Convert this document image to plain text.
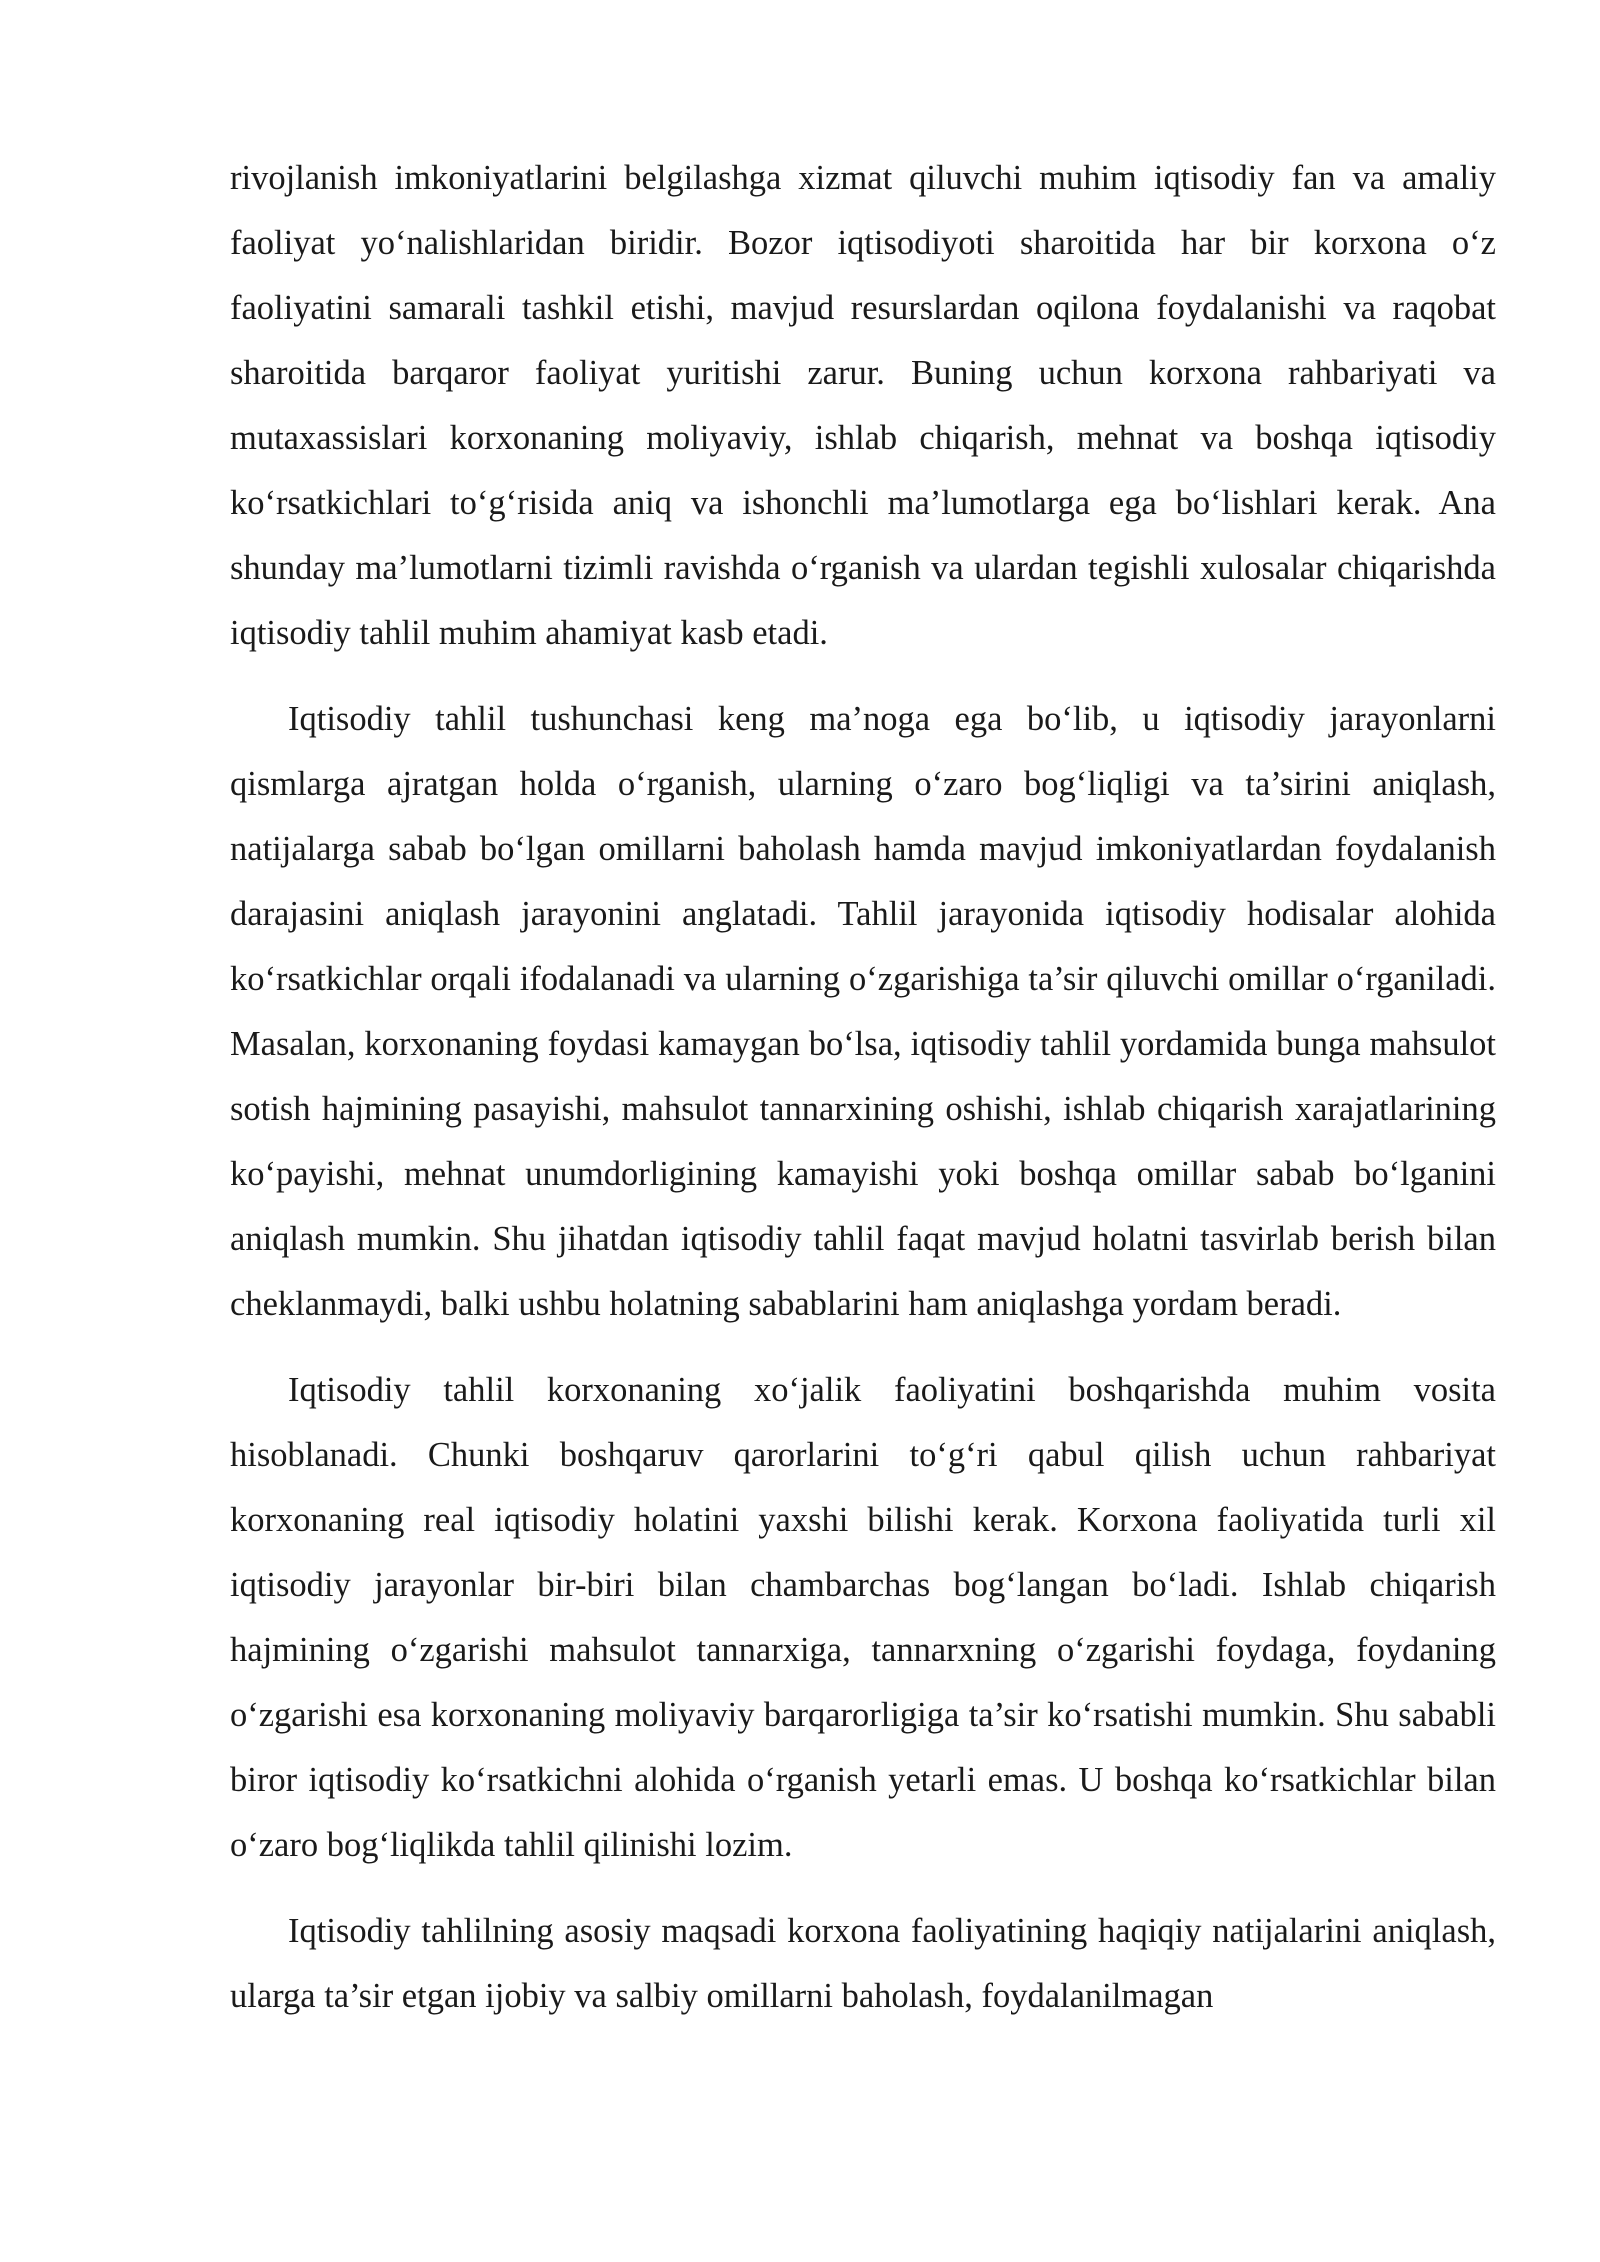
rivojlanish imkoniyatlarini belgilashga xizmat qiluvchi muhim iqtisodiy fan va amaliy faoliyat yo‘nalishlaridan biridir. Bozor iqtisodiyoti sharoitida har bir korxona o‘z faoliyatini samarali tashkil etishi, mavjud resurslardan oqilona foydalanishi va raqobat sharoitida barqaror faoliyat yuritishi zarur. Buning uchun korxona rahbariyati va mutaxassislari korxonaning moliyaviy, ishlab chiqarish, mehnat va boshqa iqtisodiy ko‘rsatkichlari to‘g‘risida aniq va ishonchli ma’lumotlarga ega bo‘lishlari kerak. Ana shunday ma’lumotlarni tizimli ravishda o‘rganish va ulardan tegishli xulosalar chiqarishda iqtisodiy tahlil muhim ahamiyat kasb etadi.

Iqtisodiy tahlil tushunchasi keng ma’noga ega bo‘lib, u iqtisodiy jarayonlarni qismlarga ajratgan holda o‘rganish, ularning o‘zaro bog‘liqligi va ta’sirini aniqlash, natijalarga sabab bo‘lgan omillarni baholash hamda mavjud imkoniyatlardan foydalanish darajasini aniqlash jarayonini anglatadi. Tahlil jarayonida iqtisodiy hodisalar alohida ko‘rsatkichlar orqali ifodalanadi va ularning o‘zgarishiga ta’sir qiluvchi omillar o‘rganiladi. Masalan, korxonaning foydasi kamaygan bo‘lsa, iqtisodiy tahlil yordamida bunga mahsulot sotish hajmining pasayishi, mahsulot tannarxining oshishi, ishlab chiqarish xarajatlarining ko‘payishi, mehnat unumdorligining kamayishi yoki boshqa omillar sabab bo‘lganini aniqlash mumkin. Shu jihatdan iqtisodiy tahlil faqat mavjud holatni tasvirlab berish bilan cheklanmaydi, balki ushbu holatning sabablarini ham aniqlashga yordam beradi.

Iqtisodiy tahlil korxonaning xo‘jalik faoliyatini boshqarishda muhim vosita hisoblanadi. Chunki boshqaruv qarorlarini to‘g‘ri qabul qilish uchun rahbariyat korxonaning real iqtisodiy holatini yaxshi bilishi kerak. Korxona faoliyatida turli xil iqtisodiy jarayonlar bir-biri bilan chambarchas bog‘langan bo‘ladi. Ishlab chiqarish hajmining o‘zgarishi mahsulot tannarxiga, tannarxning o‘zgarishi foydaga, foydaning o‘zgarishi esa korxonaning moliyaviy barqarorligiga ta’sir ko‘rsatishi mumkin. Shu sababli biror iqtisodiy ko‘rsatkichni alohida o‘rganish yetarli emas. U boshqa ko‘rsatkichlar bilan o‘zaro bog‘liqlikda tahlil qilinishi lozim.

Iqtisodiy tahlilning asosiy maqsadi korxona faoliyatining haqiqiy natijalarini aniqlash, ularga ta’sir etgan ijobiy va salbiy omillarni baholash, foydalanilmagan
